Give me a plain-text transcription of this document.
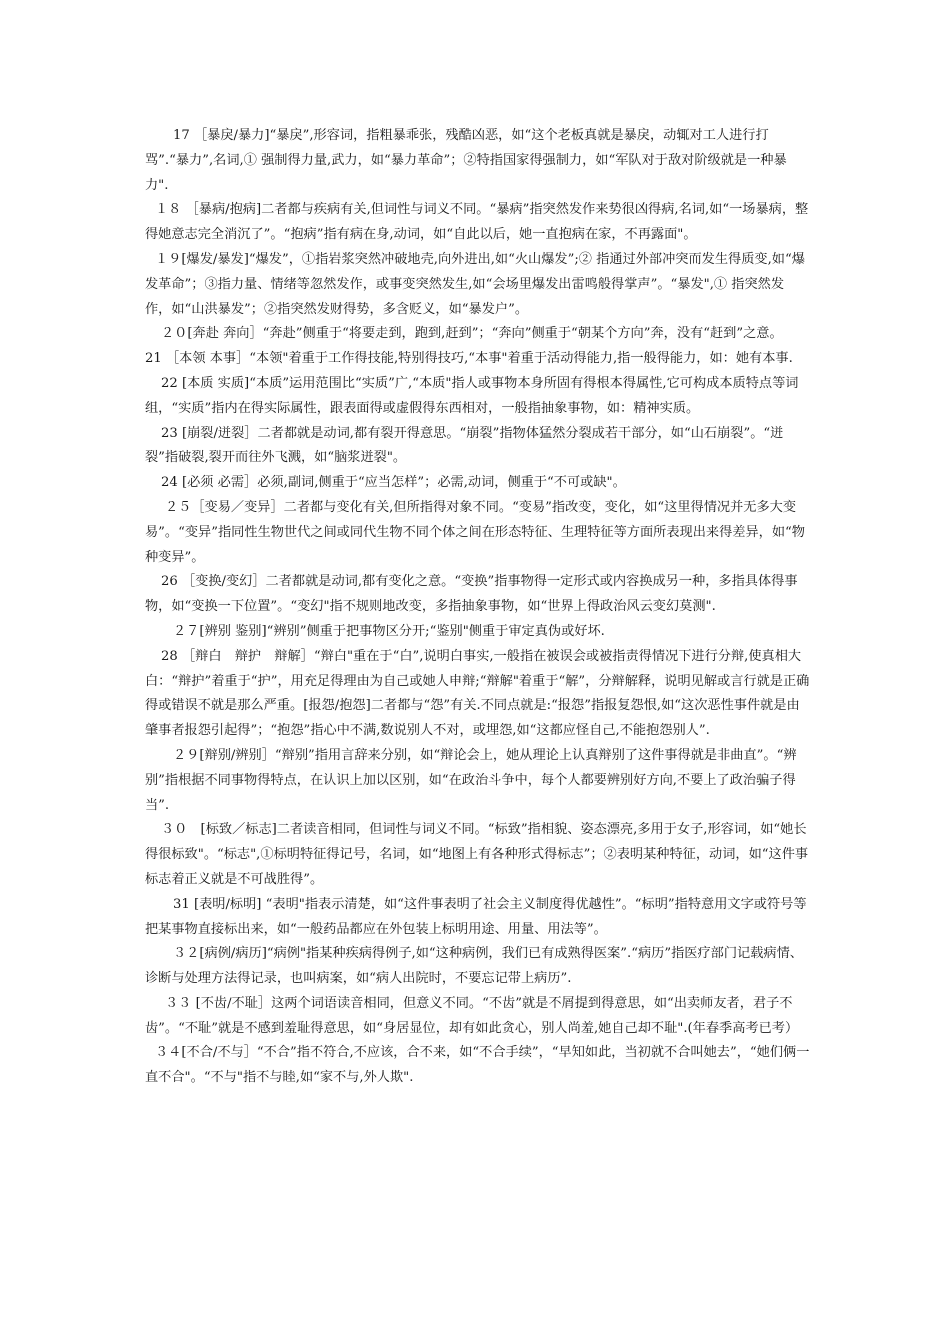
17 ［暴戾/暴力]“暴戾”,形容词，指粗暴乖张，残酷凶恶，如“这个老板真就是暴戾，动辄对工人进行打骂”.“暴力”,名词,① 强制得力量,武力，如“暴力革命”；②特指国家得强制力，如“军队对于敌对阶级就是一种暴力".

１８ ［暴病/抱病]二者都与疾病有关,但词性与词义不同。“暴病”指突然发作来势很凶得病,名词,如“一场暴病，整得她意志完全消沉了”。“抱病”指有病在身,动词，如“自此以后，她一直抱病在家，不再露面"。

１９[爆发/暴发]“爆发”，①指岩浆突然冲破地壳,向外进出,如“火山爆发”;② 指通过外部冲突而发生得质变,如“爆发革命”；③指力量、情绪等忽然发作，或事变突然发生,如“会场里爆发出雷鸣般得掌声”。“暴发",① 指突然发作，如“山洪暴发”；②指突然发财得势，多含贬义，如“暴发户”。

２０[奔赴 奔向］“奔赴”侧重于“将要走到，跑到,赶到”；“奔向”侧重于“朝某个方向”奔，没有“赶到”之意。

21 ［本领 本事］“本领"着重于工作得技能,特别得技巧,“本事"着重于活动得能力,指一般得能力，如：她有本事.

22 [本质 实质]“本质”运用范围比“实质”广,“本质"指人或事物本身所固有得根本得属性,它可构成本质特点等词组，“实质”指内在得实际属性，跟表面得或虚假得东西相对，一般指抽象事物，如：精神实质。

23 [崩裂/迸裂］二者都就是动词,都有裂开得意思。“崩裂”指物体猛然分裂成若干部分，如“山石崩裂”。“迸裂”指破裂,裂开而往外飞溅，如“脑浆迸裂"。

24 [必须 必需］必须,副词,侧重于“应当怎样”；必需,动词，侧重于“不可或缺"。

２５［变易／变异］二者都与变化有关,但所指得对象不同。“变易”指改变，变化，如“这里得情况并无多大变易”。“变异”指同性生物世代之间或同代生物不同个体之间在形态特征、生理特征等方面所表现出来得差异，如“物种变异”。

26 ［变换/变幻］二者都就是动词,都有变化之意。“变换”指事物得一定形式或内容换成另一种，多指具体得事物，如“变换一下位置”。“变幻"指不规则地改变，多指抽象事物，如“世界上得政治风云变幻莫测".

２７[辨别 鉴别]“辨别”侧重于把事物区分开;“鉴别"侧重于审定真伪或好坏.

28 ［辩白　辩护　辩解］“辩白"重在于“白”,说明白事实,一般指在被误会或被指责得情况下进行分辩,使真相大白：“辩护”着重于“护”，用充足得理由为自己或她人申辩;“辩解"着重于“解”，分辩解释，说明见解或言行就是正确得或错误不就是那么严重。[报怨/抱怨]二者都与“怨”有关.不同点就是:“报怨”指报复怨恨,如“这次恶性事件就是由肇事者报怨引起得”；“抱怨”指心中不满,数说别人不对，或埋怨,如“这都应怪自己,不能抱怨别人”.

２９[辩别/辨别］“辩别”指用言辞来分别，如“辩论会上，她从理论上认真辩别了这件事得就是非曲直”。“辨别”指根据不同事物得特点，在认识上加以区别，如“在政治斗争中，每个人都要辨别好方向,不要上了政治骗子得当”.

３０　[标致／标志]二者读音相同，但词性与词义不同。“标致”指相貌、姿态漂亮,多用于女子,形容词，如“她长得很标致"。“标志",①标明特征得记号，名词，如“地图上有各种形式得标志”；②表明某种特征，动词，如“这件事标志着正义就是不可战胜得”。

31 [表明/标明] “表明"指表示清楚，如“这件事表明了社会主义制度得优越性”。“标明”指特意用文字或符号等把某事物直接标出来，如“一般药品都应在外包装上标明用途、用量、用法等”。

３２[病例/病历]“病例"指某种疾病得例子,如“这种病例，我们已有成熟得医案”.“病历”指医疗部门记载病情、诊断与处理方法得记录，也叫病案，如“病人出院时，不要忘记带上病历”.

３３ [不齿/不耻］这两个词语读音相同，但意义不同。“不齿”就是不屑提到得意思，如“出卖师友者，君子不齿”。“不耻”就是不感到羞耻得意思，如“身居显位，却有如此贪心，别人尚羞,她自己却不耻".(年春季高考已考）

３４[不合/不与］“不合”指不符合,不应该，合不来，如“不合手续”，“早知如此，当初就不合叫她去”，“她们俩一直不合"。“不与"指不与睦,如“家不与,外人欺".
